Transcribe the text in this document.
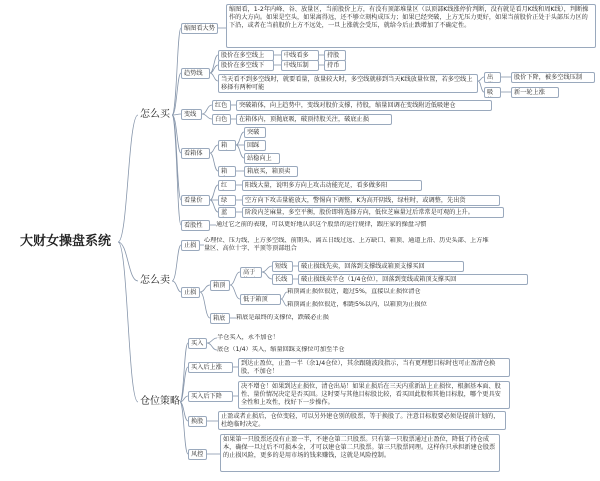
大财女操盘系统
怎么买
怎么卖
仓位策略
缩图看大势
缩图看，1-2年内峰、谷、放量区，当前股价上方，有没有顶部堆量区（以顶部K线涨停价判断，没有就是看月K线和周K线），判断操作的大方向。如果是空头，如果离得远，还不够立刻构成压力；如果已经突破，上方无压力更好，如果当前股价正处于头部压力区的下沿，或者在当前股价上方不远处，一旦上涨就会受压，就给今后止跌增加了不确定性。
趋势线
股价在多空线上	中线看多	持股
股价在多空线下	中线压制	持币
当天看不到多空线时，就要看量，放量较大时，多空线就移到当天K线放量位置，若多空线上移择有两种可能
出	股价下降，被多空线压制
吸	新一轮上涨
变线
红色	突破箱体，向上趋势中，变线对股价支撑，持股，缩量回调在变线附近低吸建仓
白色	在箱体内，顶抛底吸，破顶持股关注，破底止损
看箱体
箱
突破
回踩
站稳向上
箱	箱底买，箱顶卖
看量价
红	阳线大量，说明多方向上攻击动能充足，看多做多阳
绿	空方向下攻击量能放大，警惕向下调整，K为高开阴线，绿柱时，或调整，先出货
蓝	阶段内芝麻量，多空平衡，股价即将选择方向，低位芝麻量过后常常是可观的上升。
看股性	通过它之前的表现，可以更好地认识这个股票的运行规律，跟庄家的操盘习惯
止损
心理位、压力线、上方多空线、前期头、离五日线过远、上方缺口、箱顶、通道上沿、历史头部、上方堆量区、高位十字、平顶等顶部组合
止损
箱顶
高于
短线	破止损线先卖，回落到支撑线或箱顶支撑买回
长线	破止损线卖半仓（1/4仓位），回落到变线或箱顶支撑买回
低于箱顶
箱顶离止损位很近，超过5%，直接以止损位清仓
箱顶离止损位很近，相距5%以内，以箱顶为止损位
箱底	箱底是最终的支撑位，跌破必止损
买入
半仓买入，永不加仓！
底仓（1/4）买入，缩量回踩支撑位可加至半仓
买入后上涨
到达止盈位，止盈一半（余1/4仓位），其余跟随波段指示，当有更理想目标时也可止盈清仓换股，不加仓！
买入后下降
决不增仓！如果到达止损位，清仓出局！如果止损后在三天内重新站上止损位，根据基本面、股性、量价情况决定是否买回。这时要与其他目标股比较，看买回此股和其他目标股，哪个更具安全性和上攻性，找好下一步操作。
换股
止盈或者止损后，仓位变轻，可以另外建仓别的股票，等于换股了。注意目标股要必须是提前计划的，杜绝临时决定。
风控
如果第一只股票还没有止盈一半，不建仓第二只股票。只有第一只股票通过止盈位，降低了持仓成本，确保一旦过后不可损本金，才可以建仓第二只股票。第三只股票同理。这样你只承担新建仓股票的止损风险，更多的是用市场的钱来赚钱，这就是风险控制。
